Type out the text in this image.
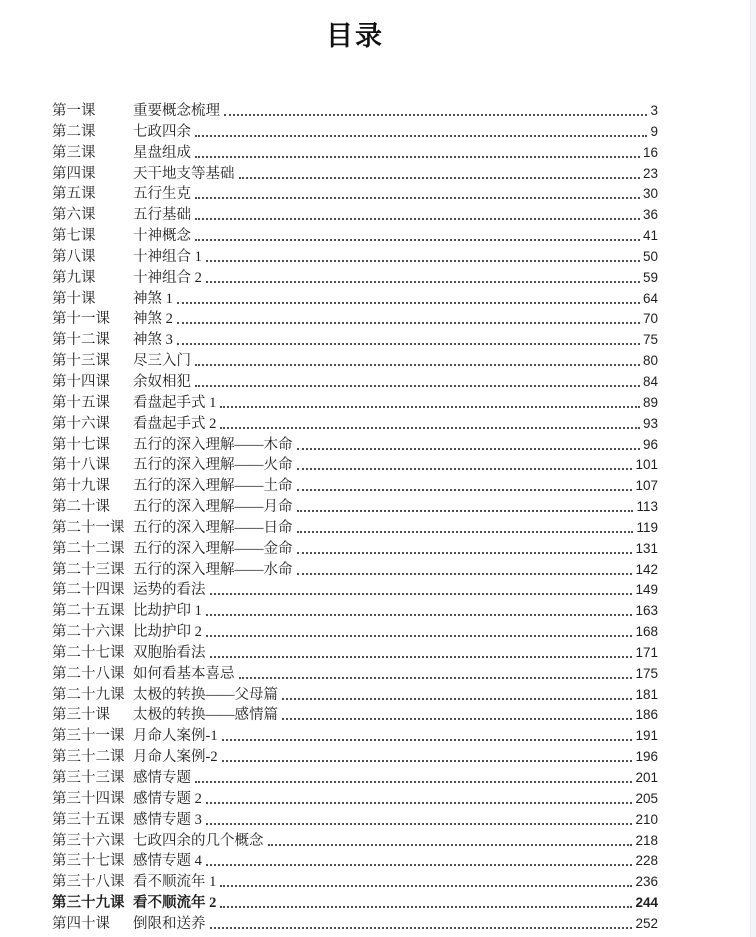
目录
第一课	重要概念梳理	3
第二课	七政四余	9
第三课	星盘组成	16
第四课	天干地支等基础	23
第五课	五行生克	30
第六课	五行基础	36
第七课	十神概念	41
第八课	十神组合 1	50
第九课	十神组合 2	59
第十课	神煞 1	64
第十一课	神煞 2	70
第十二课	神煞 3	75
第十三课	尽三入门	80
第十四课	余奴相犯	84
第十五课	看盘起手式 1	89
第十六课	看盘起手式 2	93
第十七课	五行的深入理解——木命	96
第十八课	五行的深入理解——火命	101
第十九课	五行的深入理解——土命	107
第二十课	五行的深入理解——月命	113
第二十一课 五行的深入理解——日命	119
第二十二课 五行的深入理解——金命	131
第二十三课 五行的深入理解——水命	142
第二十四课 运势的看法	149
第二十五课 比劫护印 1	163
第二十六课 比劫护印 2	168
第二十七课 双胞胎看法	171
第二十八课 如何看基本喜忌	175
第二十九课 太极的转换——父母篇	181
第三十课	太极的转换——感情篇	186
第三十一课 月命人案例-1	191
第三十二课 月命人案例-2	196
第三十三课 感情专题	201
第三十四课 感情专题 2	205
第三十五课 感情专题 3	210
第三十六课 七政四余的几个概念	218
第三十七课 感情专题 4	228
第三十八课 看不顺流年 1	236
第三十九课 看不顺流年 2	244
第四十课	倒限和送养	252
